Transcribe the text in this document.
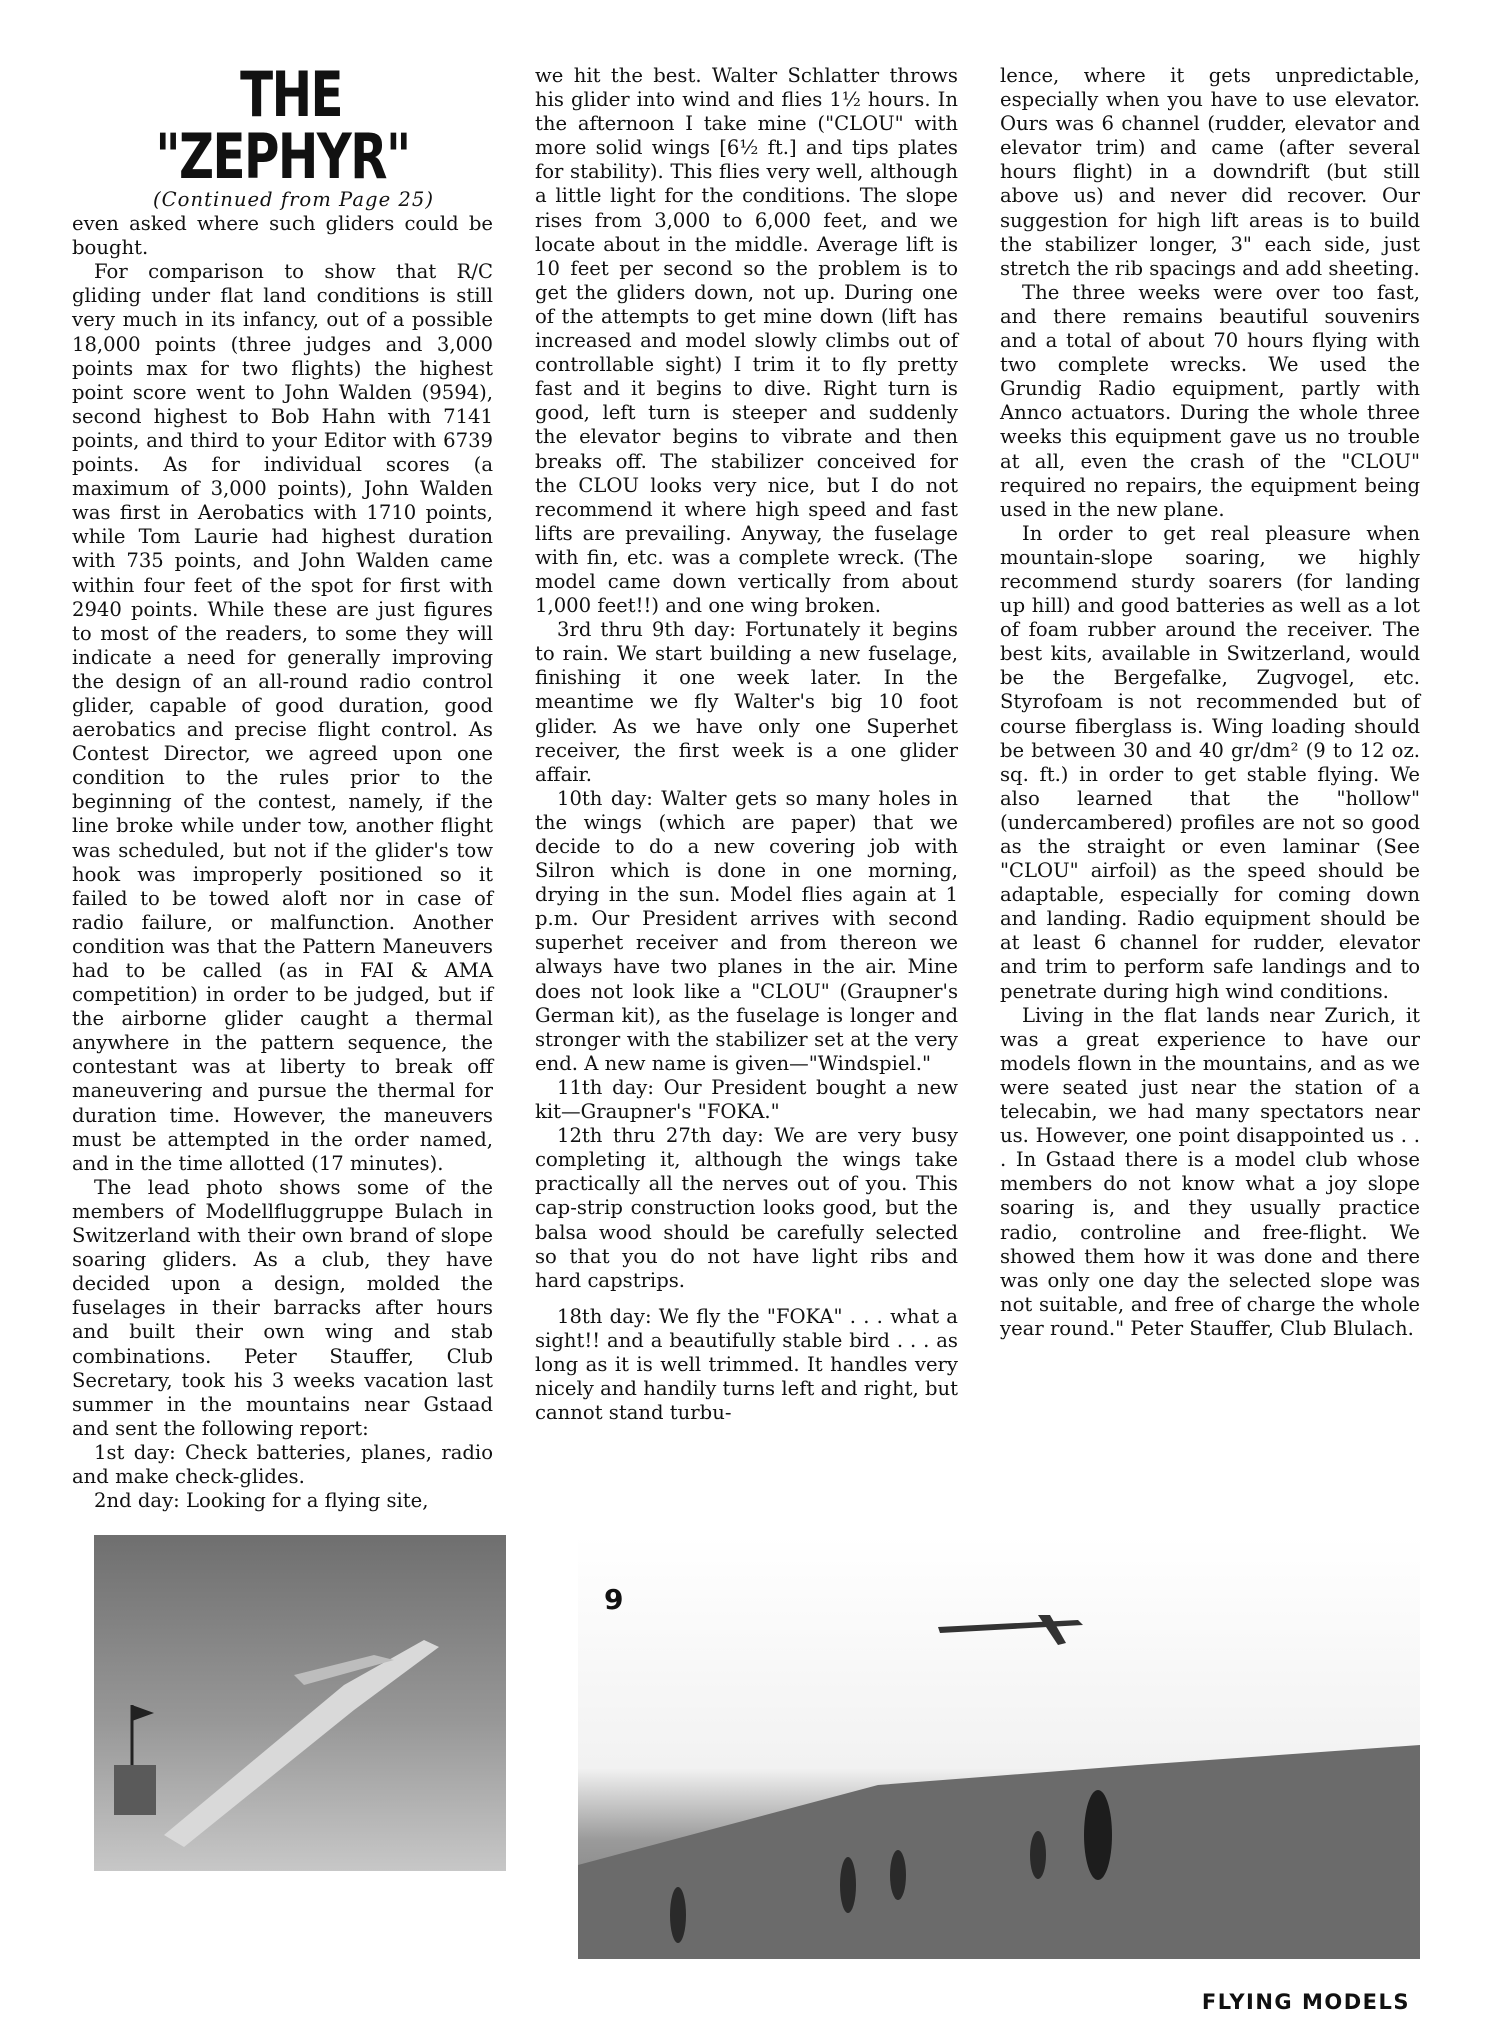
THE "ZEPHYR"

(Continued from Page 25)

even asked where such gliders could be bought.

For comparison to show that R/C gliding under flat land conditions is still very much in its infancy, out of a possible 18,000 points (three judges and 3,000 points max for two flights) the highest point score went to John Walden (9594), second highest to Bob Hahn with 7141 points, and third to your Editor with 6739 points. As for individual scores (a maximum of 3,000 points), John Walden was first in Aerobatics with 1710 points, while Tom Laurie had highest duration with 735 points, and John Walden came within four feet of the spot for first with 2940 points. While these are just figures to most of the readers, to some they will indicate a need for generally improving the design of an all-round radio control glider, capable of good duration, good aerobatics and precise flight control. As Contest Director, we agreed upon one condition to the rules prior to the beginning of the contest, namely, if the line broke while under tow, another flight was scheduled, but not if the glider's tow hook was improperly positioned so it failed to be towed aloft nor in case of radio failure, or malfunction. Another condition was that the Pattern Maneuvers had to be called (as in FAI & AMA competition) in order to be judged, but if the airborne glider caught a thermal anywhere in the pattern sequence, the contestant was at liberty to break off maneuvering and pursue the thermal for duration time. However, the maneuvers must be attempted in the order named, and in the time allotted (17 minutes).

The lead photo shows some of the members of Modellfluggruppe Bulach in Switzerland with their own brand of slope soaring gliders. As a club, they have decided upon a design, molded the fuselages in their barracks after hours and built their own wing and stab combinations. Peter Stauffer, Club Secretary, took his 3 weeks vacation last summer in the mountains near Gstaad and sent the following report:

1st day: Check batteries, planes, radio and make check-glides.

2nd day: Looking for a flying site,

we hit the best. Walter Schlatter throws his glider into wind and flies 1½ hours. In the afternoon I take mine ("CLOU" with more solid wings [6½ ft.] and tips plates for stability). This flies very well, although a little light for the conditions. The slope rises from 3,000 to 6,000 feet, and we locate about in the middle. Average lift is 10 feet per second so the problem is to get the gliders down, not up. During one of the attempts to get mine down (lift has increased and model slowly climbs out of controllable sight) I trim it to fly pretty fast and it begins to dive. Right turn is good, left turn is steeper and suddenly the elevator begins to vibrate and then breaks off. The stabilizer conceived for the CLOU looks very nice, but I do not recommend it where high speed and fast lifts are prevailing. Anyway, the fuselage with fin, etc. was a complete wreck. (The model came down vertically from about 1,000 feet!!) and one wing broken.

3rd thru 9th day: Fortunately it begins to rain. We start building a new fuselage, finishing it one week later. In the meantime we fly Walter's big 10 foot glider. As we have only one Superhet receiver, the first week is a one glider affair.

10th day: Walter gets so many holes in the wings (which are paper) that we decide to do a new covering job with Silron which is done in one morning, drying in the sun. Model flies again at 1 p.m. Our President arrives with second superhet receiver and from thereon we always have two planes in the air. Mine does not look like a "CLOU" (Graupner's German kit), as the fuselage is longer and stronger with the stabilizer set at the very end. A new name is given—"Windspiel."

11th day: Our President bought a new kit—Graupner's "FOKA."

12th thru 27th day: We are very busy completing it, although the wings take practically all the nerves out of you. This cap-strip construction looks good, but the balsa wood should be carefully selected so that you do not have light ribs and hard capstrips.

18th day: We fly the "FOKA" . . . what a sight!! and a beautifully stable bird . . . as long as it is well trimmed. It handles very nicely and handily turns left and right, but cannot stand turbu-

lence, where it gets unpredictable, especially when you have to use elevator. Ours was 6 channel (rudder, elevator and elevator trim) and came (after several hours flight) in a downdrift (but still above us) and never did recover. Our suggestion for high lift areas is to build the stabilizer longer, 3" each side, just stretch the rib spacings and add sheeting.

The three weeks were over too fast, and there remains beautiful souvenirs and a total of about 70 hours flying with two complete wrecks. We used the Grundig Radio equipment, partly with Annco actuators. During the whole three weeks this equipment gave us no trouble at all, even the crash of the "CLOU" required no repairs, the equipment being used in the new plane.

In order to get real pleasure when mountain-slope soaring, we highly recommend sturdy soarers (for landing up hill) and good batteries as well as a lot of foam rubber around the receiver. The best kits, available in Switzerland, would be the Bergefalke, Zugvogel, etc. Styrofoam is not recommended but of course fiberglass is. Wing loading should be between 30 and 40 gr/dm² (9 to 12 oz. sq. ft.) in order to get stable flying. We also learned that the "hollow" (undercambered) profiles are not so good as the straight or even laminar (See "CLOU" airfoil) as the speed should be adaptable, especially for coming down and landing. Radio equipment should be at least 6 channel for rudder, elevator and trim to perform safe landings and to penetrate during high wind conditions.

Living in the flat lands near Zurich, it was a great experience to have our models flown in the mountains, and as we were seated just near the station of a telecabin, we had many spectators near us. However, one point disappointed us . . . In Gstaad there is a model club whose members do not know what a joy slope soaring is, and they usually practice radio, controline and free-flight. We showed them how it was done and there was only one day the selected slope was not suitable, and free of charge the whole year round." Peter Stauffer, Club Blulach.

9
FLYING MODELS
